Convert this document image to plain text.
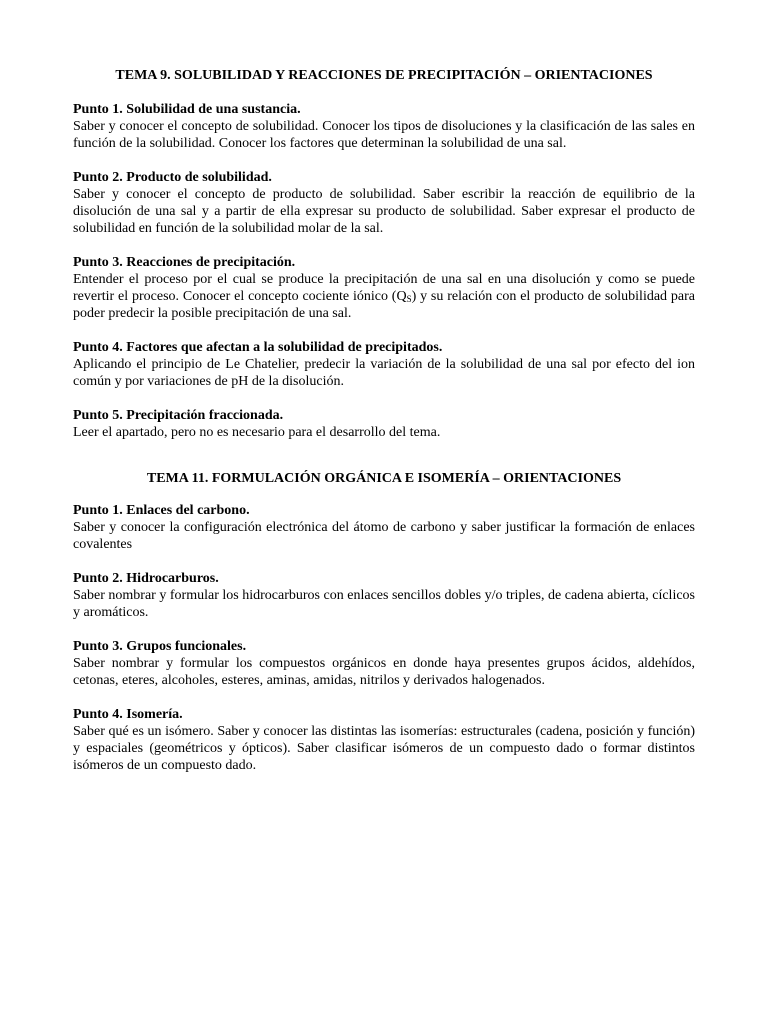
TEMA 9. SOLUBILIDAD Y REACCIONES DE PRECIPITACIÓN – ORIENTACIONES

Punto 1. Solubilidad de una sustancia.

Saber y conocer el concepto de solubilidad. Conocer los tipos de disoluciones y la clasificación de las sales en función de la solubilidad. Conocer los factores que determinan la solubilidad de una sal.

Punto 2. Producto de solubilidad.

Saber y conocer el concepto de producto de solubilidad. Saber escribir la reacción de equilibrio de la disolución de una sal y a partir de ella expresar su producto de solubilidad. Saber expresar el producto de solubilidad en función de la solubilidad molar de la sal.

Punto 3. Reacciones de precipitación.

Entender el proceso por el cual se produce la precipitación de una sal en una disolución y como se puede revertir el proceso. Conocer el concepto cociente iónico $(Q_S)$ y su relación con el producto de solubilidad para poder predecir la posible precipitación de una sal.

Punto 4. Factores que afectan a la solubilidad de precipitados.

Aplicando el principio de Le Chatelier, predecir la variación de la solubilidad de una sal por efecto del ion común y por variaciones de pH de la disolución.

Punto 5. Precipitación fraccionada.

Leer el apartado, pero no es necesario para el desarrollo del tema.

TEMA 11. FORMULACIÓN ORGÁNICA E ISOMERÍA – ORIENTACIONES

Punto 1. Enlaces del carbono.

Saber y conocer la configuración electrónica del átomo de carbono y saber justificar la formación de enlaces covalentes

Punto 2. Hidrocarburos.

Saber nombrar y formular los hidrocarburos con enlaces sencillos dobles y/o triples, de cadena abierta, cíclicos y aromáticos.

Punto 3. Grupos funcionales.

Saber nombrar y formular los compuestos orgánicos en donde haya presentes grupos ácidos, aldehídos, cetonas, eteres, alcoholes, esteres, aminas, amidas, nitrilos y derivados halogenados.

Punto 4. Isomería.

Saber qué es un isómero. Saber y conocer las distintas las isomerías: estructurales (cadena, posición y función) y espaciales (geométricos y ópticos). Saber clasificar isómeros de un compuesto dado o formar distintos isómeros de un compuesto dado.
